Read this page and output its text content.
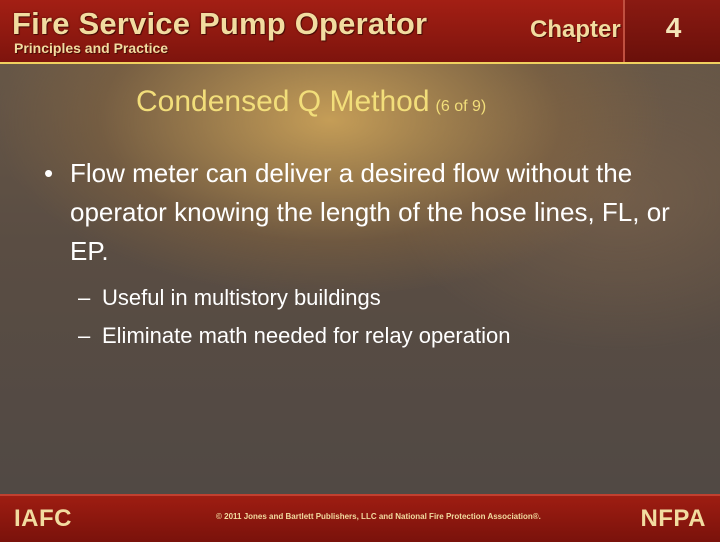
Fire Service Pump Operator
Principles and Practice
Chapter	4
Condensed Q Method (6 of 9)
• Flow meter can deliver a desired flow without the operator knowing the length of the hose lines, FL, or EP.
– Useful in multistory buildings
– Eliminate math needed for relay operation
IAFC	© 2011 Jones and Bartlett Publishers, LLC and National Fire Protection Association®.	NFPA
